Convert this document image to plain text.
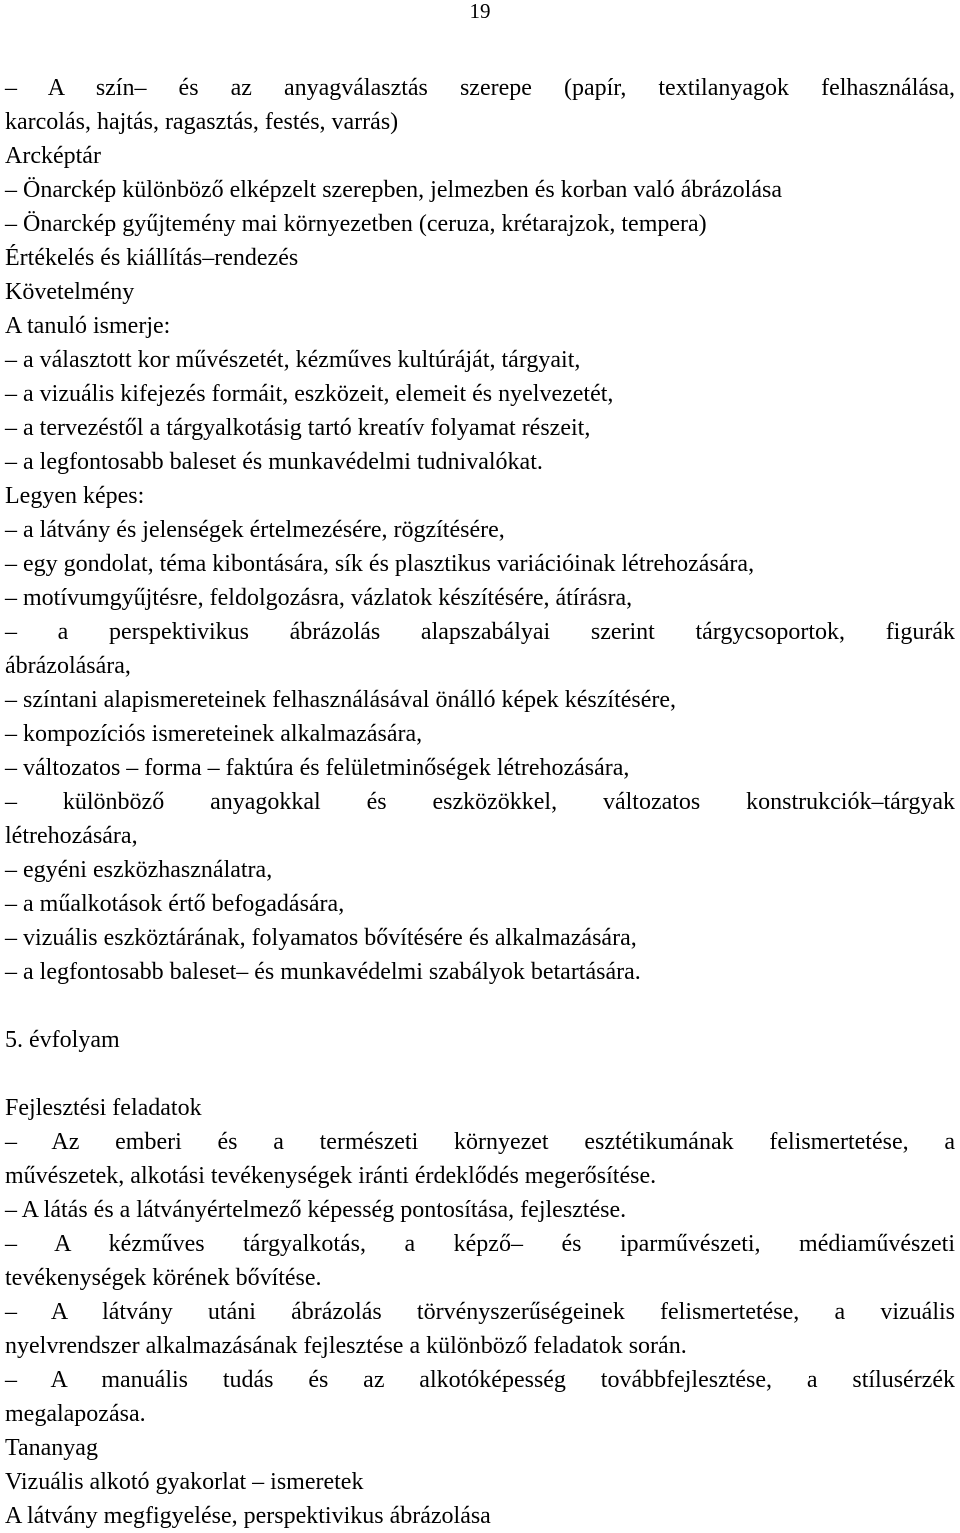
19
– A szín– és az anyagválasztás szerepe (papír, textilanyagok felhasználása,
karcolás, hajtás, ragasztás, festés, varrás)
Arcképtár
– Önarckép különböző elképzelt szerepben, jelmezben és korban való ábrázolása
– Önarckép gyűjtemény mai környezetben (ceruza, krétarajzok, tempera)
Értékelés és kiállítás–rendezés
Követelmény
A tanuló ismerje:
– a választott kor művészetét, kézműves kultúráját, tárgyait,
– a vizuális kifejezés formáit, eszközeit, elemeit és nyelvezetét,
– a tervezéstől a tárgyalkotásig tartó kreatív folyamat részeit,
– a legfontosabb baleset és munkavédelmi tudnivalókat.
Legyen képes:
– a látvány és jelenségek értelmezésére, rögzítésére,
– egy gondolat, téma kibontására, sík és plasztikus variációinak létrehozására,
– motívumgyűjtésre, feldolgozásra, vázlatok készítésére, átírásra,
– a perspektivikus ábrázolás alapszabályai szerint tárgycsoportok, figurák
ábrázolására,
– színtani alapismereteinek felhasználásával önálló képek készítésére,
– kompozíciós ismereteinek alkalmazására,
– változatos – forma – faktúra és felületminőségek létrehozására,
– különböző anyagokkal és eszközökkel, változatos konstrukciók–tárgyak
létrehozására,
– egyéni eszközhasználatra,
– a műalkotások értő befogadására,
– vizuális eszköztárának, folyamatos bővítésére és alkalmazására,
– a legfontosabb baleset– és munkavédelmi szabályok betartására.
5. évfolyam
Fejlesztési feladatok
– Az emberi és a természeti környezet esztétikumának felismertetése, a
művészetek, alkotási tevékenységek iránti érdeklődés megerősítése.
– A látás és a látványértelmező képesség pontosítása, fejlesztése.
– A kézműves tárgyalkotás, a képző– és iparművészeti, médiaművészeti
tevékenységek körének bővítése.
– A látvány utáni ábrázolás törvényszerűségeinek felismertetése, a vizuális
nyelvrendszer alkalmazásának fejlesztése a különböző feladatok során.
– A manuális tudás és az alkotóképesség továbbfejlesztése, a stílusérzék
megalapozása.
Tananyag
Vizuális alkotó gyakorlat – ismeretek
A látvány megfigyelése, perspektivikus ábrázolása
